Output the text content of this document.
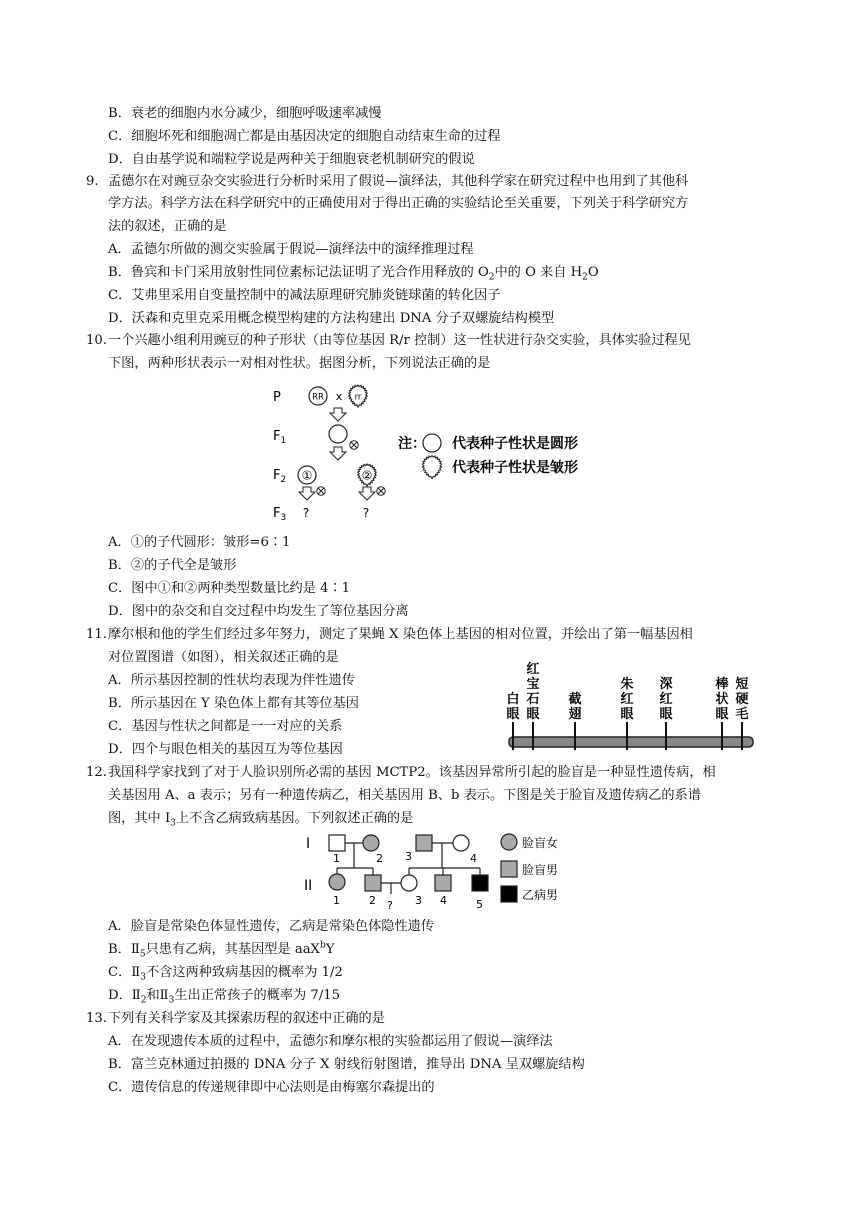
B．衰老的细胞内水分减少，细胞呼吸速率减慢
C．细胞坏死和细胞凋亡都是由基因决定的细胞自动结束生命的过程
D．自由基学说和端粒学说是两种关于细胞衰老机制研究的假说
9. 孟德尔在对豌豆杂交实验进行分析时采用了假说—演绎法，其他科学家在研究过程中也用到了其他科
学方法。科学方法在科学研究中的正确使用对于得出正确的实验结论至关重要，下列关于科学研究方
法的叙述，正确的是
A．孟德尔所做的测交实验属于假说—演绎法中的演绎推理过程
B．鲁宾和卡门采用放射性同位素标记法证明了光合作用释放的 $O_2$中的 O 来自 $H_2O$
C．艾弗里采用自变量控制中的减法原理研究肺炎链球菌的转化因子
D．沃森和克里克采用概念模型构建的方法构建出 DNA 分子双螺旋结构模型
10. 一个兴趣小组利用豌豆的种子形状（由等位基因 R/r 控制）这一性状进行杂交实验，具体实验过程见
下图，两种形状表示一对相对性状。据图分析，下列说法正确的是
P
$F_1$
$F_2$
$F_3$
RR x rr
①	②
?	?
注： 代表种子性状是圆形
代表种子性状是皱形
A．①的子代圆形：皱形=6∶1
B．②的子代全是皱形
C．图中①和②两种类型数量比约是 4∶1
D．图中的杂交和自交过程中均发生了等位基因分离
11. 摩尔根和他的学生们经过多年努力，测定了果蝇 X 染色体上基因的相对位置，并绘出了第一幅基因相
对位置图谱（如图），相关叙述正确的是
A．所示基因控制的性状均表现为伴性遗传
B．所示基因在 Y 染色体上都有其等位基因
C．基因与性状之间都是一一对应的关系
D．四个与眼色相关的基因互为等位基因
白眼
红宝石眼
截翅
朱红眼
深红眼
棒状眼
短硬毛
12. 我国科学家找到了对于人脸识别所必需的基因 MCTP2。该基因异常所引起的脸盲是一种显性遗传病，相
关基因用 A、a 表示；另有一种遗传病乙，相关基因用 B、b 表示。下图是关于脸盲及遗传病乙的系谱
图，其中 $I_3$上不含乙病致病基因。下列叙述正确的是
I
II
1	2 3	4
1	2 ? 3 4	5
脸盲女
脸盲男
乙病男
A．脸盲是常染色体显性遗传，乙病是常染色体隐性遗传
B．$Ⅱ_5$只患有乙病，其基因型是 aaX$^b$Y
C．$Ⅱ_3$不含这两种致病基因的概率为 1/2
D．$Ⅱ_2$和$Ⅱ_3$生出正常孩子的概率为 7/15
13. 下列有关科学家及其探索历程的叙述中正确的是
A．在发现遗传本质的过程中，孟德尔和摩尔根的实验都运用了假说—演绎法
B．富兰克林通过拍摄的 DNA 分子 X 射线衍射图谱，推导出 DNA 呈双螺旋结构
C．遗传信息的传递规律即中心法则是由梅塞尔森提出的
